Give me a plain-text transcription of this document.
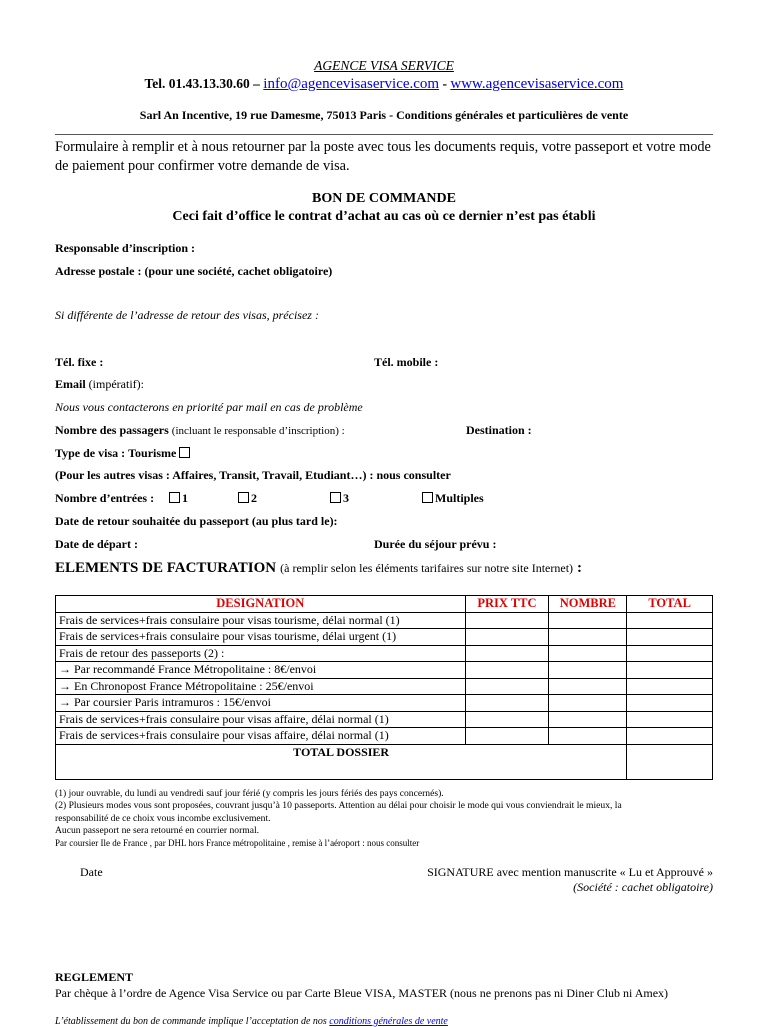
AGENCE VISA SERVICE
Tel. 01.43.13.30.60 – info@agencevisaservice.com - www.agencevisaservice.com
Sarl An Incentive, 19 rue Damesme, 75013 Paris - Conditions générales et particulières de vente
Formulaire à remplir et à nous retourner par la poste avec tous les documents requis, votre passeport et votre mode de paiement pour confirmer votre demande de visa.
BON DE COMMANDE
Ceci fait d’office le contrat d’achat au cas où ce dernier n’est pas établi
Responsable d’inscription :
Adresse postale : (pour une société, cachet obligatoire)
Si différente de l’adresse de retour des visas, précisez :
Tél. fixe :	Tél. mobile :
Email (impératif):
Nous vous contacterons en priorité par mail en cas de problème
Nombre des passagers (incluant le responsable d’inscription) :	Destination :
Type de visa : Tourisme
(Pour les autres visas : Affaires, Transit, Travail, Etudiant…) : nous consulter
Nombre d’entrées :	1	2	3	Multiples
Date de retour souhaitée du passeport (au plus tard le):
Date de départ :	Durée du séjour prévu :
ELEMENTS DE FACTURATION (à remplir selon les éléments tarifaires sur notre site Internet) :
DESIGNATION	PRIX TTC	NOMBRE	TOTAL
Frais de services+frais consulaire pour visas tourisme, délai normal (1)			
Frais de services+frais consulaire pour visas tourisme, délai urgent (1)			
Frais de retour des passeports (2) :			
→ Par recommandé France Métropolitaine : 8€/envoi			
→ En Chronopost France Métropolitaine : 25€/envoi			
→ Par coursier Paris intramuros : 15€/envoi			
Frais de services+frais consulaire pour visas affaire, délai normal (1)			
Frais de services+frais consulaire pour visas affaire, délai normal (1)			
TOTAL DOSSIER			
(1) jour ouvrable, du lundi au vendredi sauf jour férié (y compris les jours fériés des pays concernés).
(2) Plusieurs modes vous sont proposées, couvrant jusqu’à 10 passeports. Attention au délai pour choisir le mode qui vous conviendrait le mieux, la
responsabilité de ce choix vous incombe exclusivement.
Aucun passeport ne sera retourné en courrier normal.
Par coursier Ile de France , par DHL hors France métropolitaine , remise à l’aéroport : nous consulter
Date	SIGNATURE avec mention manuscrite « Lu et Approuvé »
(Société : cachet obligatoire)
REGLEMENT
Par chèque à l’ordre de Agence Visa Service ou par Carte Bleue VISA, MASTER (nous ne prenons pas ni Diner Club ni Amex)
L’établissement du bon de commande implique l’acceptation de nos conditions générales de vente
